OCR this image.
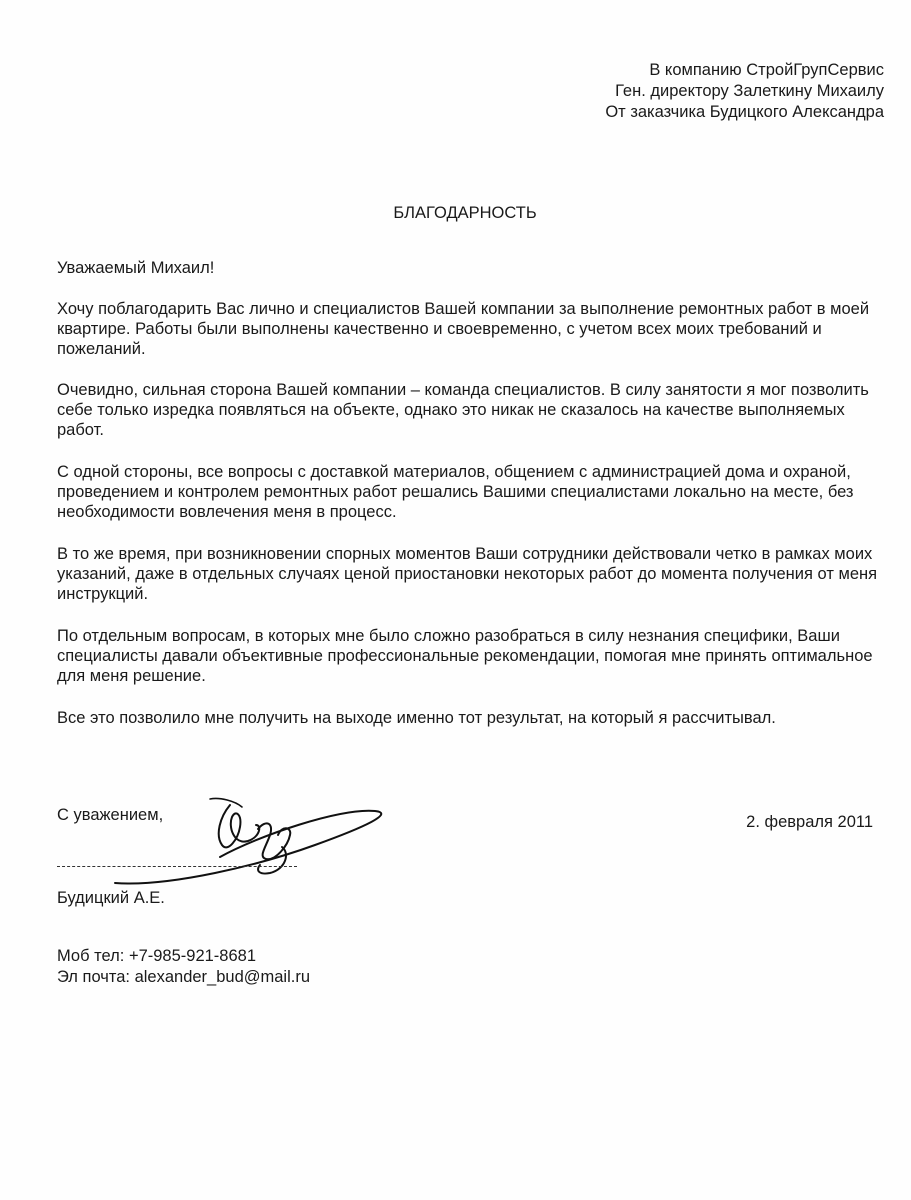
В компанию СтройГрупСервис
Ген. директору Залеткину Михаилу
От заказчика Будицкого Александра
БЛАГОДАРНОСТЬ
Уважаемый Михаил!

Хочу поблагодарить Вас лично и специалистов Вашей компании за выполнение ремонтных работ в моей квартире. Работы были выполнены качественно и своевременно, с учетом всех моих требований и пожеланий.

Очевидно, сильная сторона Вашей компании – команда специалистов. В силу занятости я мог позволить себе только изредка появляться на объекте, однако это никак не сказалось на качестве выполняемых работ.

С одной стороны, все вопросы с доставкой материалов, общением с администрацией дома и охраной, проведением и контролем ремонтных работ решались Вашими специалистами локально на месте, без необходимости вовлечения меня в процесс.

В то же время, при возникновении спорных моментов Ваши сотрудники действовали четко в рамках моих указаний, даже в отдельных случаях ценой приостановки некоторых работ до момента получения от меня инструкций.

По отдельным вопросам, в которых мне было сложно разобраться в силу незнания специфики, Ваши специалисты давали объективные профессиональные рекомендации, помогая мне принять оптимальное для меня решение.

Все это позволило мне получить на выходе именно тот результат, на который я рассчитывал.

С уважением,	2. февраля 2011
Будицкий А.Е.
Моб тел: +7-985-921-8681
Эл почта: alexander_bud@mail.ru
